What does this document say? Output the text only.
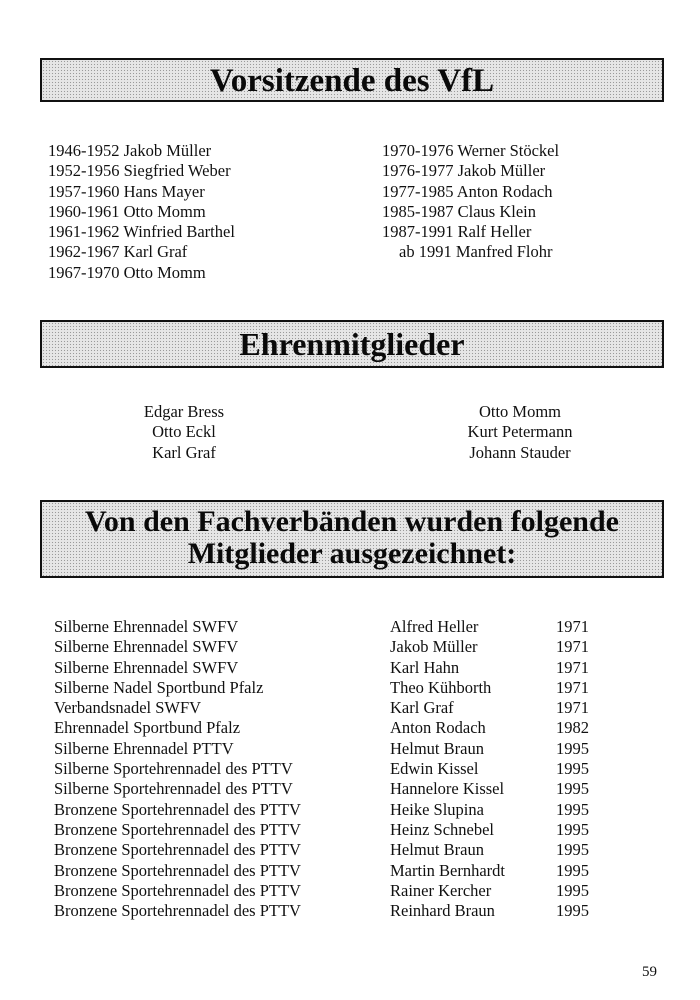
Vorsitzende des VfL
1946-1952 Jakob Müller
1952-1956 Siegfried Weber
1957-1960 Hans Mayer
1960-1961 Otto Momm
1961-1962 Winfried Barthel
1962-1967 Karl Graf
1967-1970 Otto Momm
1970-1976 Werner Stöckel
1976-1977 Jakob Müller
1977-1985 Anton Rodach
1985-1987 Claus Klein
1987-1991 Ralf Heller
ab 1991 Manfred Flohr
Ehrenmitglieder
Edgar Bress
Otto Eckl
Karl Graf
Otto Momm
Kurt Petermann
Johann Stauder
Von den Fachverbänden wurden folgende
Mitglieder ausgezeichnet:
Silberne Ehrennadel SWFV
Silberne Ehrennadel SWFV
Silberne Ehrennadel SWFV
Silberne Nadel Sportbund Pfalz
Verbandsnadel SWFV
Ehrennadel Sportbund Pfalz
Silberne Ehrennadel PTTV
Silberne Sportehrennadel des PTTV
Silberne Sportehrennadel des PTTV
Bronzene Sportehrennadel des PTTV
Bronzene Sportehrennadel des PTTV
Bronzene Sportehrennadel des PTTV
Bronzene Sportehrennadel des PTTV
Bronzene Sportehrennadel des PTTV
Bronzene Sportehrennadel des PTTV
Alfred Heller
Jakob Müller
Karl Hahn
Theo Kühborth
Karl Graf
Anton Rodach
Helmut Braun
Edwin Kissel
Hannelore Kissel
Heike Slupina
Heinz Schnebel
Helmut Braun
Martin Bernhardt
Rainer Kercher
Reinhard Braun
1971
1971
1971
1971
1971
1982
1995
1995
1995
1995
1995
1995
1995
1995
1995
59
